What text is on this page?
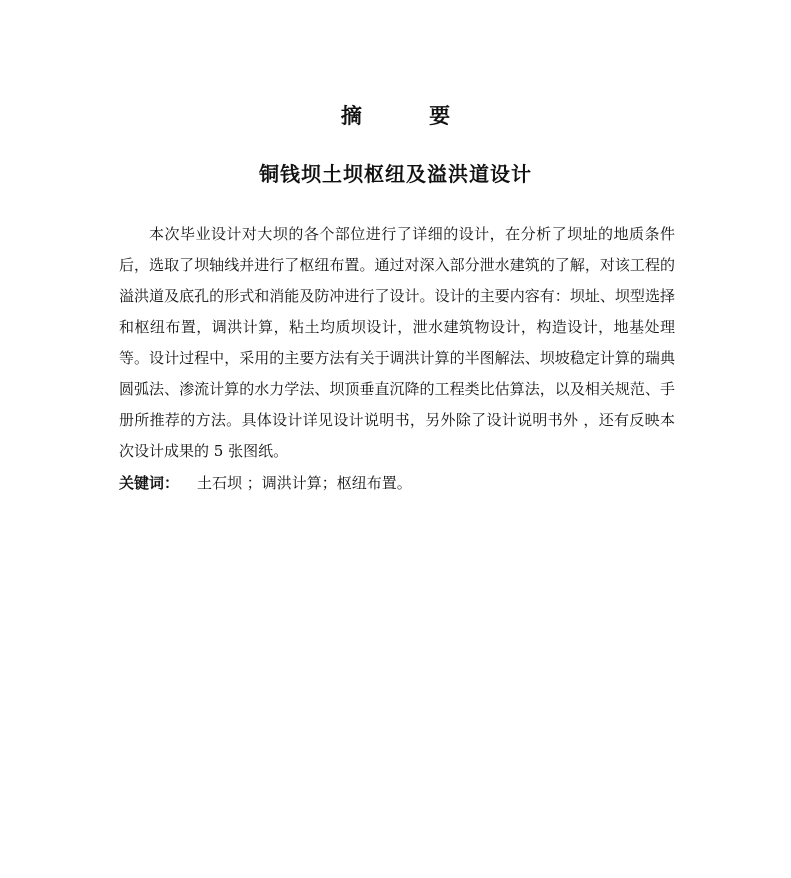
摘 要
铜钱坝土坝枢纽及溢洪道设计

本次毕业设计对大坝的各个部位进行了详细的设计，在分析了坝址的地质条件后，选取了坝轴线并进行了枢纽布置。通过对深入部分泄水建筑的了解，对该工程的溢洪道及底孔的形式和消能及防冲进行了设计。设计的主要内容有：坝址、坝型选择和枢纽布置，调洪计算，粘土均质坝设计，泄水建筑物设计，构造设计，地基处理等。设计过程中，采用的主要方法有关于调洪计算的半图解法、坝坡稳定计算的瑞典圆弧法、渗流计算的水力学法、坝顶垂直沉降的工程类比估算法，以及相关规范、手册所推荐的方法。具体设计详见设计说明书，另外除了设计说明书外 ，还有反映本次设计成果的 5 张图纸。

关键词： 土石坝 ；调洪计算；枢纽布置。
